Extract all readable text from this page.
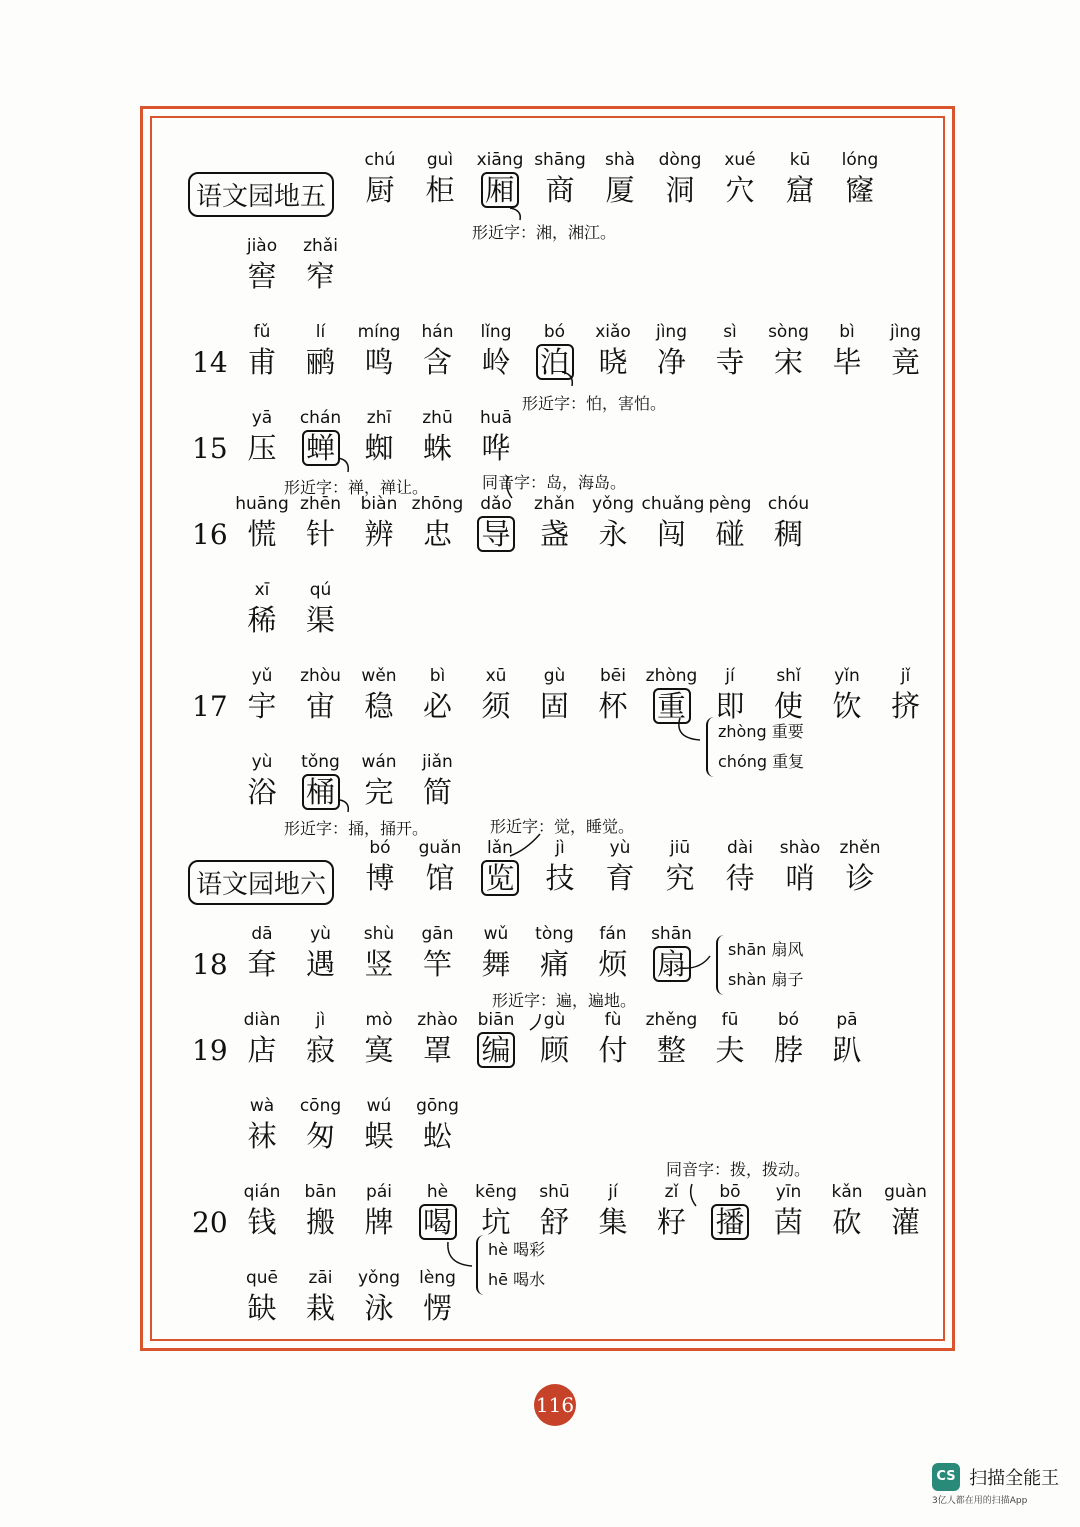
语文园地五
chú
厨
guì
柜
xiāng
厢
shāng
商
shà
厦
dòng
洞
xué
穴
kū
窟
lóng
窿
jiào
窖
zhǎi
窄
14
fǔ
甫
lí
鹂
míng
鸣
hán
含
lǐng
岭
bó
泊
xiǎo
晓
jìng
净
sì
寺
sòng
宋
bì
毕
jìng
竟
15
yā
压
chán
蝉
zhī
蜘
zhū
蛛
huā
哗
16
huāng
慌
zhēn
针
biàn
辨
zhōng
忠
dǎo
导
zhǎn
盏
yǒng
永
chuǎng
闯
pèng
碰
chóu
稠
xī
稀
qú
渠
17
yǔ
宇
zhòu
宙
wěn
稳
bì
必
xū
须
gù
固
bēi
杯
zhòng
重
jí
即
shǐ
使
yǐn
饮
jǐ
挤
yù
浴
tǒng
桶
wán
完
jiǎn
简
语文园地六
bó
博
guǎn
馆
lǎn
览
jì
技
yù
育
jiū
究
dài
待
shào
哨
zhěn
诊
18
dā
耷
yù
遇
shù
竖
gān
竿
wǔ
舞
tòng
痛
fán
烦
shān
扇
19
diàn
店
jì
寂
mò
寞
zhào
罩
biān
编
gù
顾
fù
付
zhěng
整
fū
夫
bó
脖
pā
趴
wà
袜
cōng
匆
wú
蜈
gōng
蚣
20
qián
钱
bān
搬
pái
牌
hè
喝
kēng
坑
shū
舒
jí
集
zǐ
籽
bō
播
yīn
茵
kǎn
砍
guàn
灌
quē
缺
zāi
栽
yǒng
泳
lèng
愣
形近字：湘，湘江。
形近字：怕，害怕。
形近字：禅，禅让。	同音字：岛，海岛。
形近字：捅，捅开。	形近字：觉，睡觉。
形近字：遍，遍地。
同音字：拨，拨动。
zhòng 重要
chóng 重复
shān 扇风
shàn 扇子
hè 喝彩
hē 喝水
116
CS 扫描全能王
3亿人都在用的扫描App
